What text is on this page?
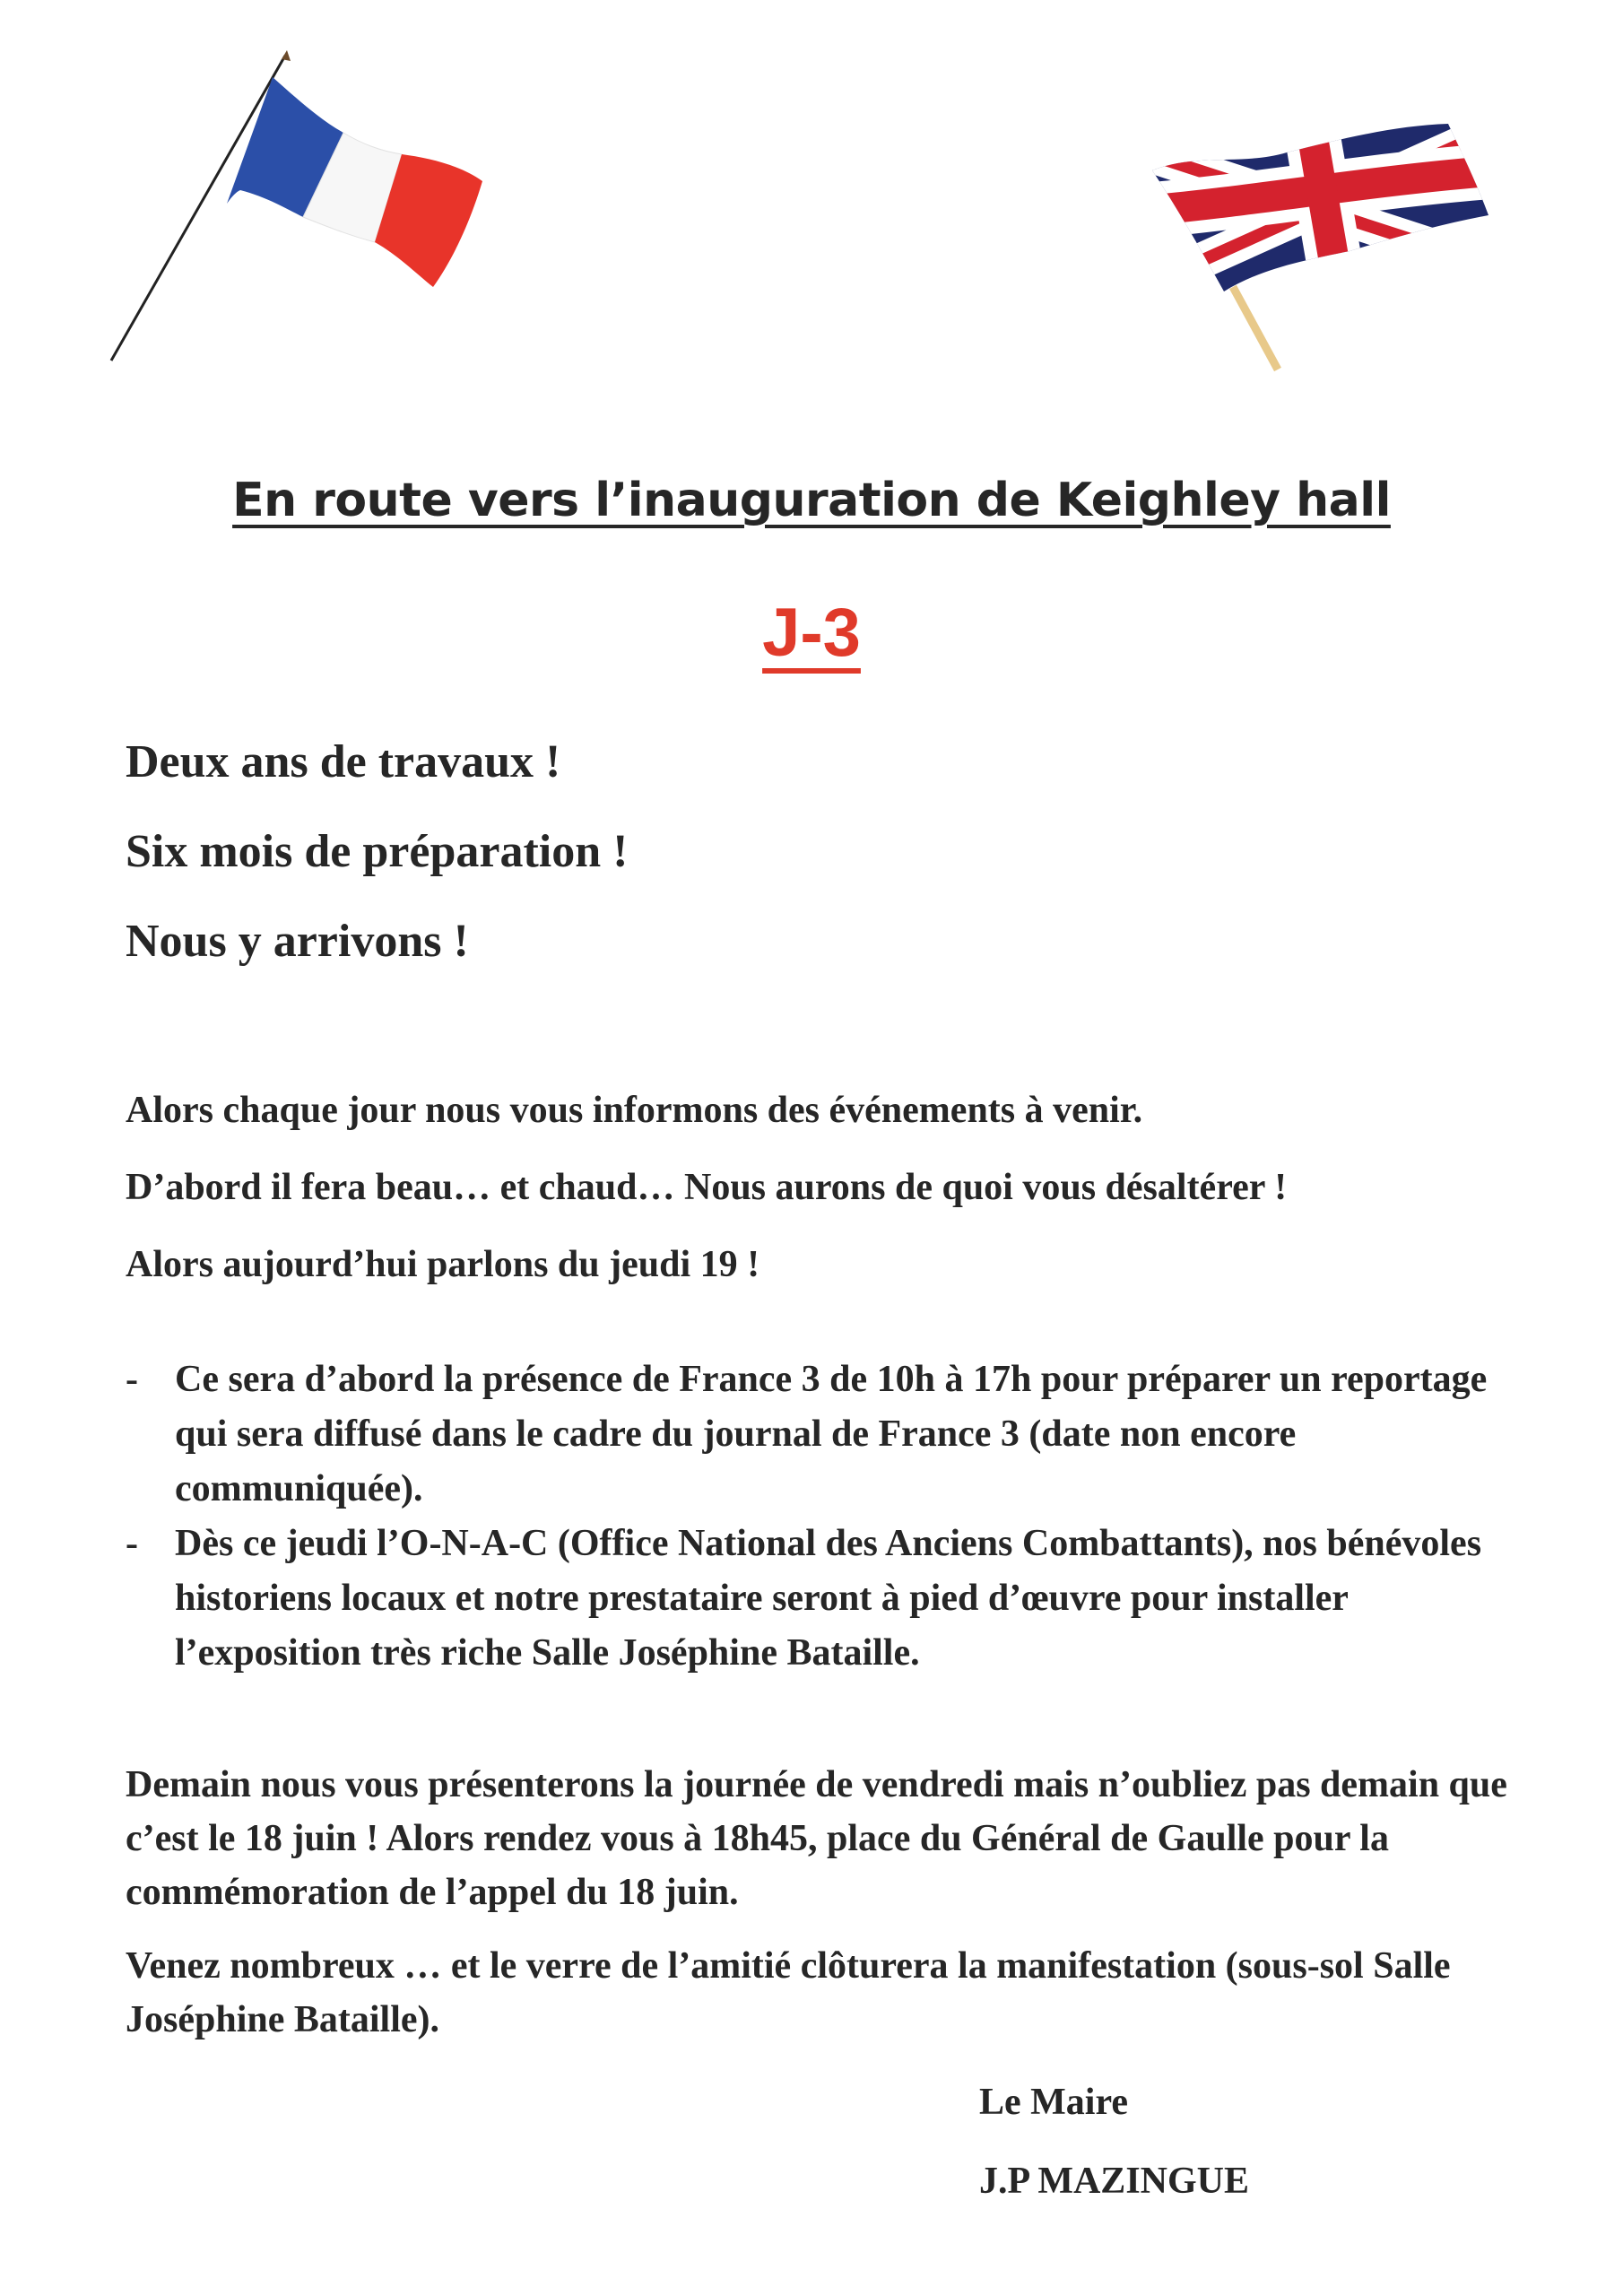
En route vers l’inauguration de Keighley hall
J-3
Deux ans de travaux !
Six mois de préparation !
Nous y arrivons !
Alors chaque jour nous vous informons des événements à venir.
D’abord il fera beau… et chaud… Nous aurons de quoi vous désaltérer !
Alors aujourd’hui parlons du jeudi 19 !
- Ce sera d’abord la présence de France 3 de 10h à 17h pour préparer un reportage qui sera diffusé dans le cadre du journal de France 3 (date non encore communiquée).
- Dès ce jeudi l’O-N-A-C (Office National des Anciens Combattants), nos bénévoles historiens locaux et notre prestataire seront à pied d’œuvre pour installer l’exposition très riche Salle Joséphine Bataille.

Demain nous vous présenterons la journée de vendredi mais n’oubliez pas demain que c’est le 18 juin ! Alors rendez vous à 18h45, place du Général de Gaulle pour la commémoration de l’appel du 18 juin.

Venez nombreux … et le verre de l’amitié clôturera la manifestation (sous-sol Salle Joséphine Bataille).

Le Maire
J.P MAZINGUE
